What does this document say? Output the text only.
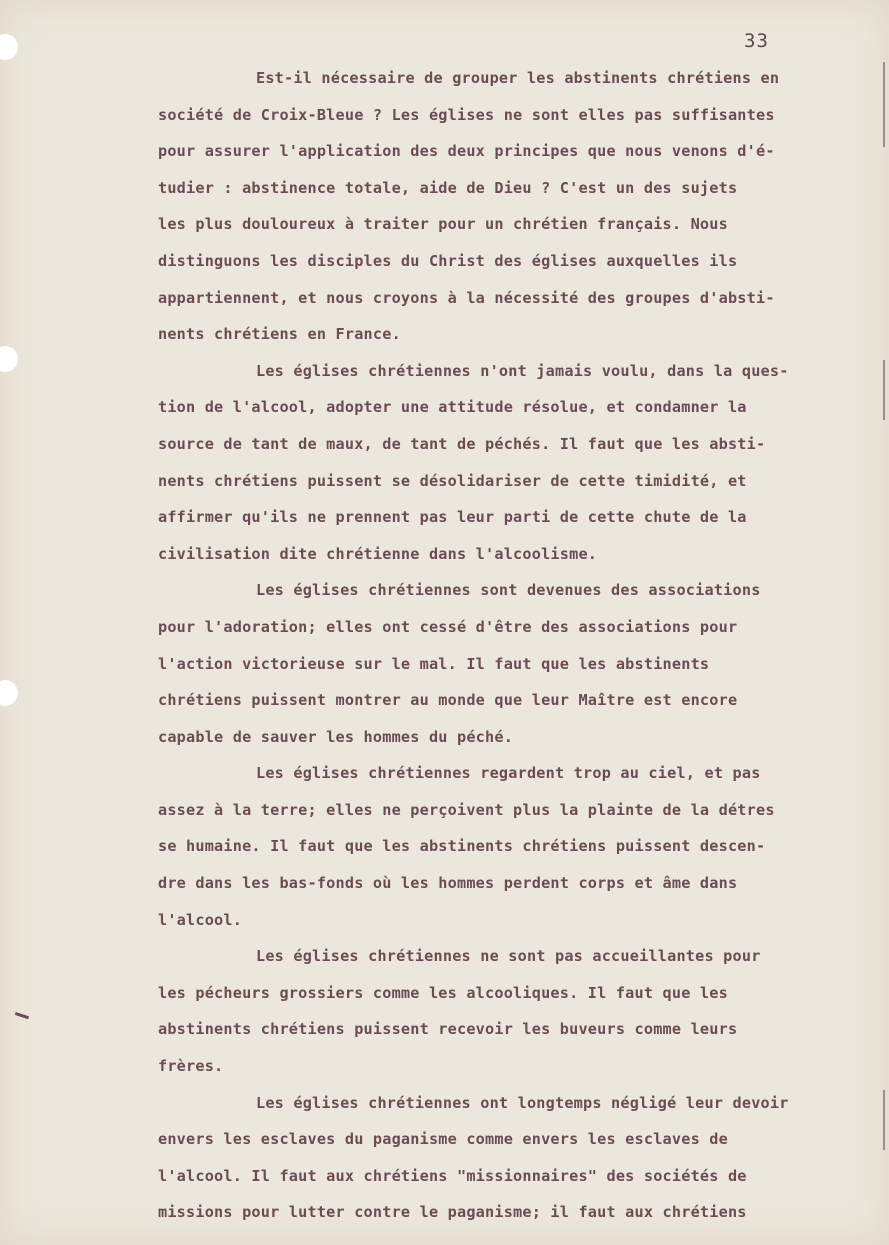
33
Est-il nécessaire de grouper les abstinents chrétiens en
société de Croix-Bleue ? Les églises ne sont elles pas suffisantes
pour assurer l'application des deux principes que nous venons d'é-
tudier : abstinence totale, aide de Dieu ? C'est un des sujets
les plus douloureux à traiter pour un chrétien français. Nous
distinguons les disciples du Christ des églises auxquelles ils
appartiennent, et nous croyons à la nécessité des groupes d'absti-
nents chrétiens en France.
Les églises chrétiennes n'ont jamais voulu, dans la ques-
tion de l'alcool, adopter une attitude résolue, et condamner la
source de tant de maux, de tant de péchés. Il faut que les absti-
nents chrétiens puissent se désolidariser de cette timidité, et
affirmer qu'ils ne prennent pas leur parti de cette chute de la
civilisation dite chrétienne dans l'alcoolisme.
Les églises chrétiennes sont devenues des associations
pour l'adoration; elles ont cessé d'être des associations pour
l'action victorieuse sur le mal. Il faut que les abstinents
chrétiens puissent montrer au monde que leur Maître est encore
capable de sauver les hommes du péché.
Les églises chrétiennes regardent trop au ciel, et pas
assez à la terre; elles ne perçoivent plus la plainte de la détres
se humaine. Il faut que les abstinents chrétiens puissent descen-
dre dans les bas-fonds où les hommes perdent corps et âme dans
l'alcool.
Les églises chrétiennes ne sont pas accueillantes pour
les pécheurs grossiers comme les alcooliques. Il faut que les
abstinents chrétiens puissent recevoir les buveurs comme leurs
frères.
Les églises chrétiennes ont longtemps négligé leur devoir
envers les esclaves du paganisme comme envers les esclaves de
l'alcool. Il faut aux chrétiens "missionnaires" des sociétés de
missions pour lutter contre le paganisme; il faut aux chrétiens
